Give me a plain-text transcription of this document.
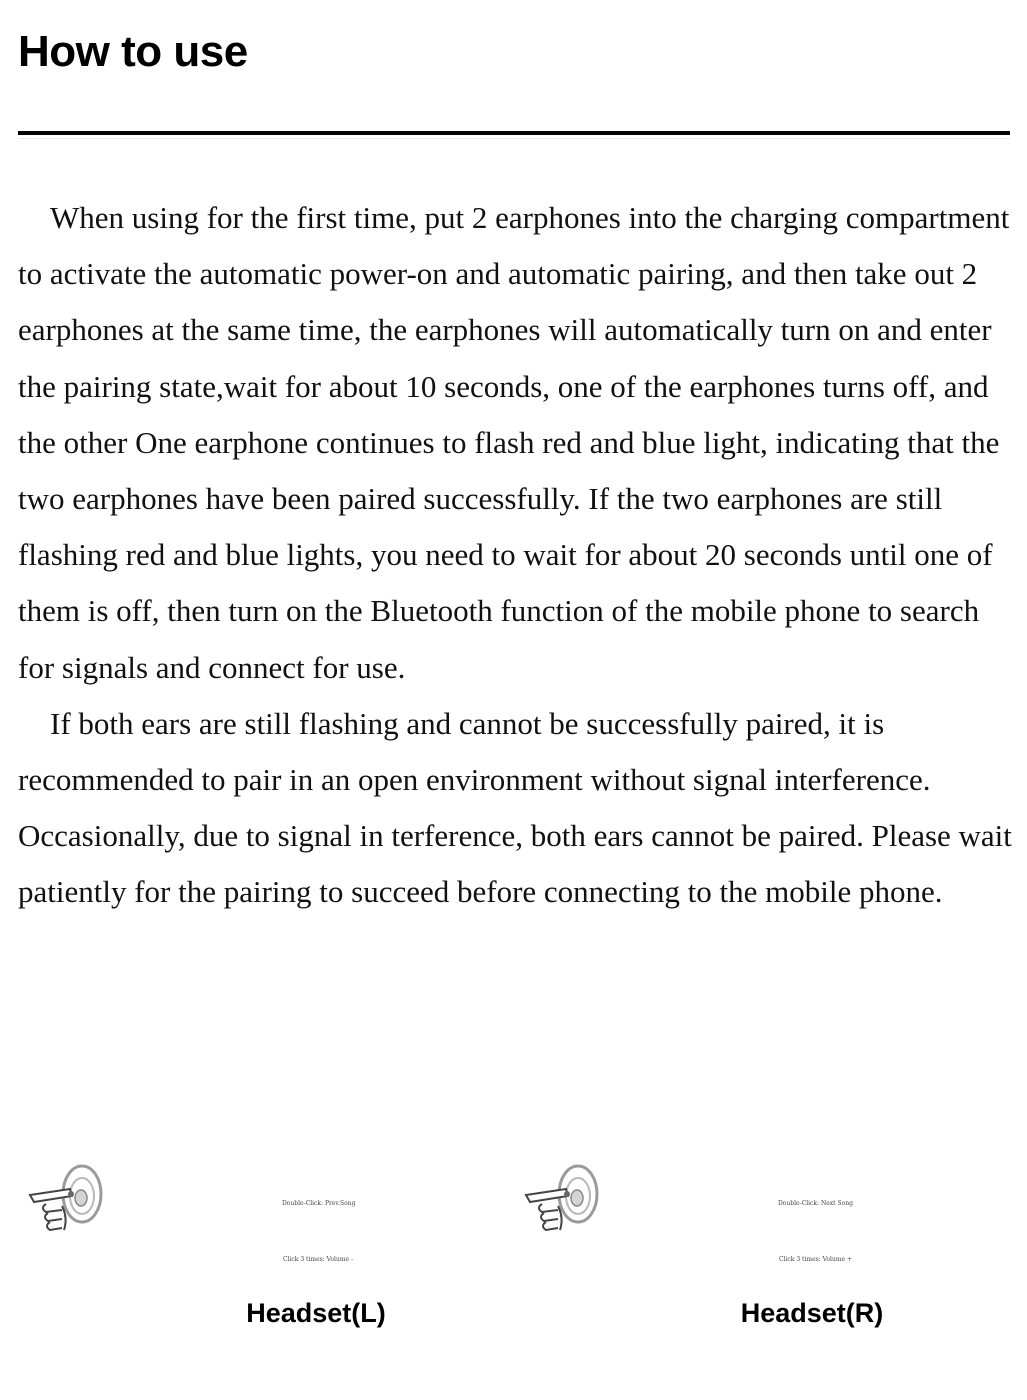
How to use

When using for the first time, put 2 earphones into the charging compartment to activate the automatic power-on and automatic pairing, and then take out 2 earphones at the same time, the earphones will automatically turn on and enter the pairing state,wait for about 10 seconds, one of the earphones turns off, and the other One earphone continues to flash red and blue light, indicating that the two earphones have been paired successfully. If the two earphones are still flashing red and blue lights, you need to wait for about 20 seconds until one of them is off, then turn on the Bluetooth function of the mobile phone to search for signals and connect for use.

If both ears are still flashing and cannot be successfully paired, it is recommended to pair in an open environment without signal interference. Occasionally, due to signal in terference, both ears cannot be paired. Please wait patiently for the pairing to succeed before connecting to the mobile phone.

Double-Click: Prev.Song
Click 3 times: Volume -
Headset(L)
Double-Click: Next Song
Click 3 times: Volume +
Headset(R)
